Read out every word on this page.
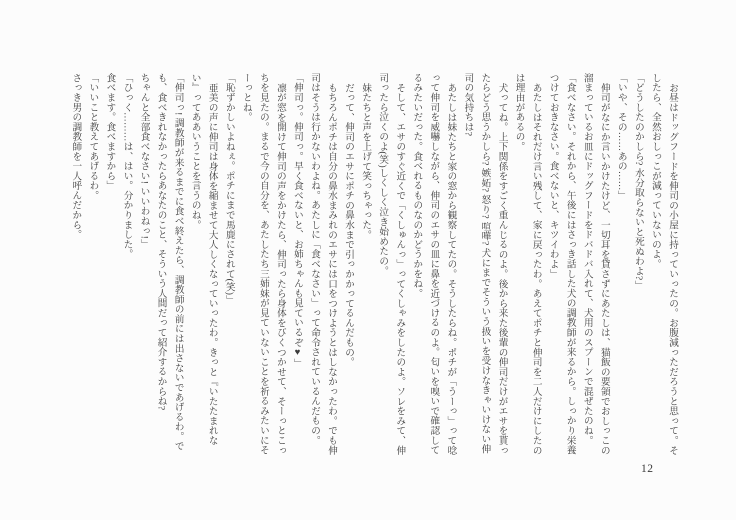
お昼はドッグフードを伸司の小屋に持っていったの。お腹減っただろうと思って。そしたら、全然おしっこが減っていないのよ。

「どうしたのかしら? 水分取らないと死ぬわよ?」

「いや、その……あの……」

伸司がなにか言いかけたけど、一切耳を貸さずにあたしは、猫飯の要領でおしっこの溜まっているお皿にドッグフードをドバドバ入れて、犬用のスプーンで混ぜたのね。

「食べなさい。それから、午後にはさっき話した犬の調教師が来るから。しっかり栄養つけておきなさい。食べないと、キツイわよ」

あたしはそれだけ言い残して、家に戻ったわ。あえてポチと伸司を二人だけにしたのは理由があるの。

犬ってね。上下関係をすごく重んじるのよ。後から来た後輩の伸司だけがエサを貰ったらどう思うかしら? 嫉妬? 怒り? 喧嘩? 犬にまでそういう扱いを受けなきゃいけない伸司の気持ちは?

あたしは妹たちと家の窓から観察してたの。そうしたらね。ポチが「うーっ」って唸って伸司を威嚇しながら、伸司のエサの皿に鼻を近づけるのよ。匂いを嗅いで確認してるみたいだった。食べれるものなのかどうかをね。

そして、エサのすぐ近くで「くしゅんっ」ってくしゃみをしたのよ。ソレをみて、伸司ったら泣くのよ(笑)しくしく泣き始めたの。

妹たちと声を上げて笑っちゃった。

だって、伸司のエサにポチの鼻水まで引っかかってるんだもの。

もちろんポチは自分の鼻水まみれのエサには口をつけようとはしなかったわ。でも伸司はそうは行かないわよね。あたしに「食べなさい」って命令されているんだもの。

「伸司っ。伸司っ。早く食べないと、お姉ちゃんも見ているぞ♥」

凛が窓を開けて伸司の声をかけたら、伸司ったら身体をびくつかせて、そーっとこっちを見たの。まるで今の自分を、あたしたち三姉妹が見ていないことを祈るみたいにそーっとね。

「恥ずかしいよねぇ。ポチにまで馬鹿にされて(笑)」

亜美の声に伸司は身体を縮ませて大人しくなっていったわ。きっと『いたたまれない』ってああいうことを言うのね。

「伸司っ! 調教師が来るまでに食べ終えたら、調教師の前には出さないであげるわ。でも、食べきれなかったらあなたのこと、そういう人間だって紹介するからね?

ちゃんと全部食べなさい! いいわねっ!」

「ひっく………は、はい。分かりました。

食べます。食べますから」

「いいこと教えてあげるわ。

さっき男の調教師を一人呼んだから。

12
